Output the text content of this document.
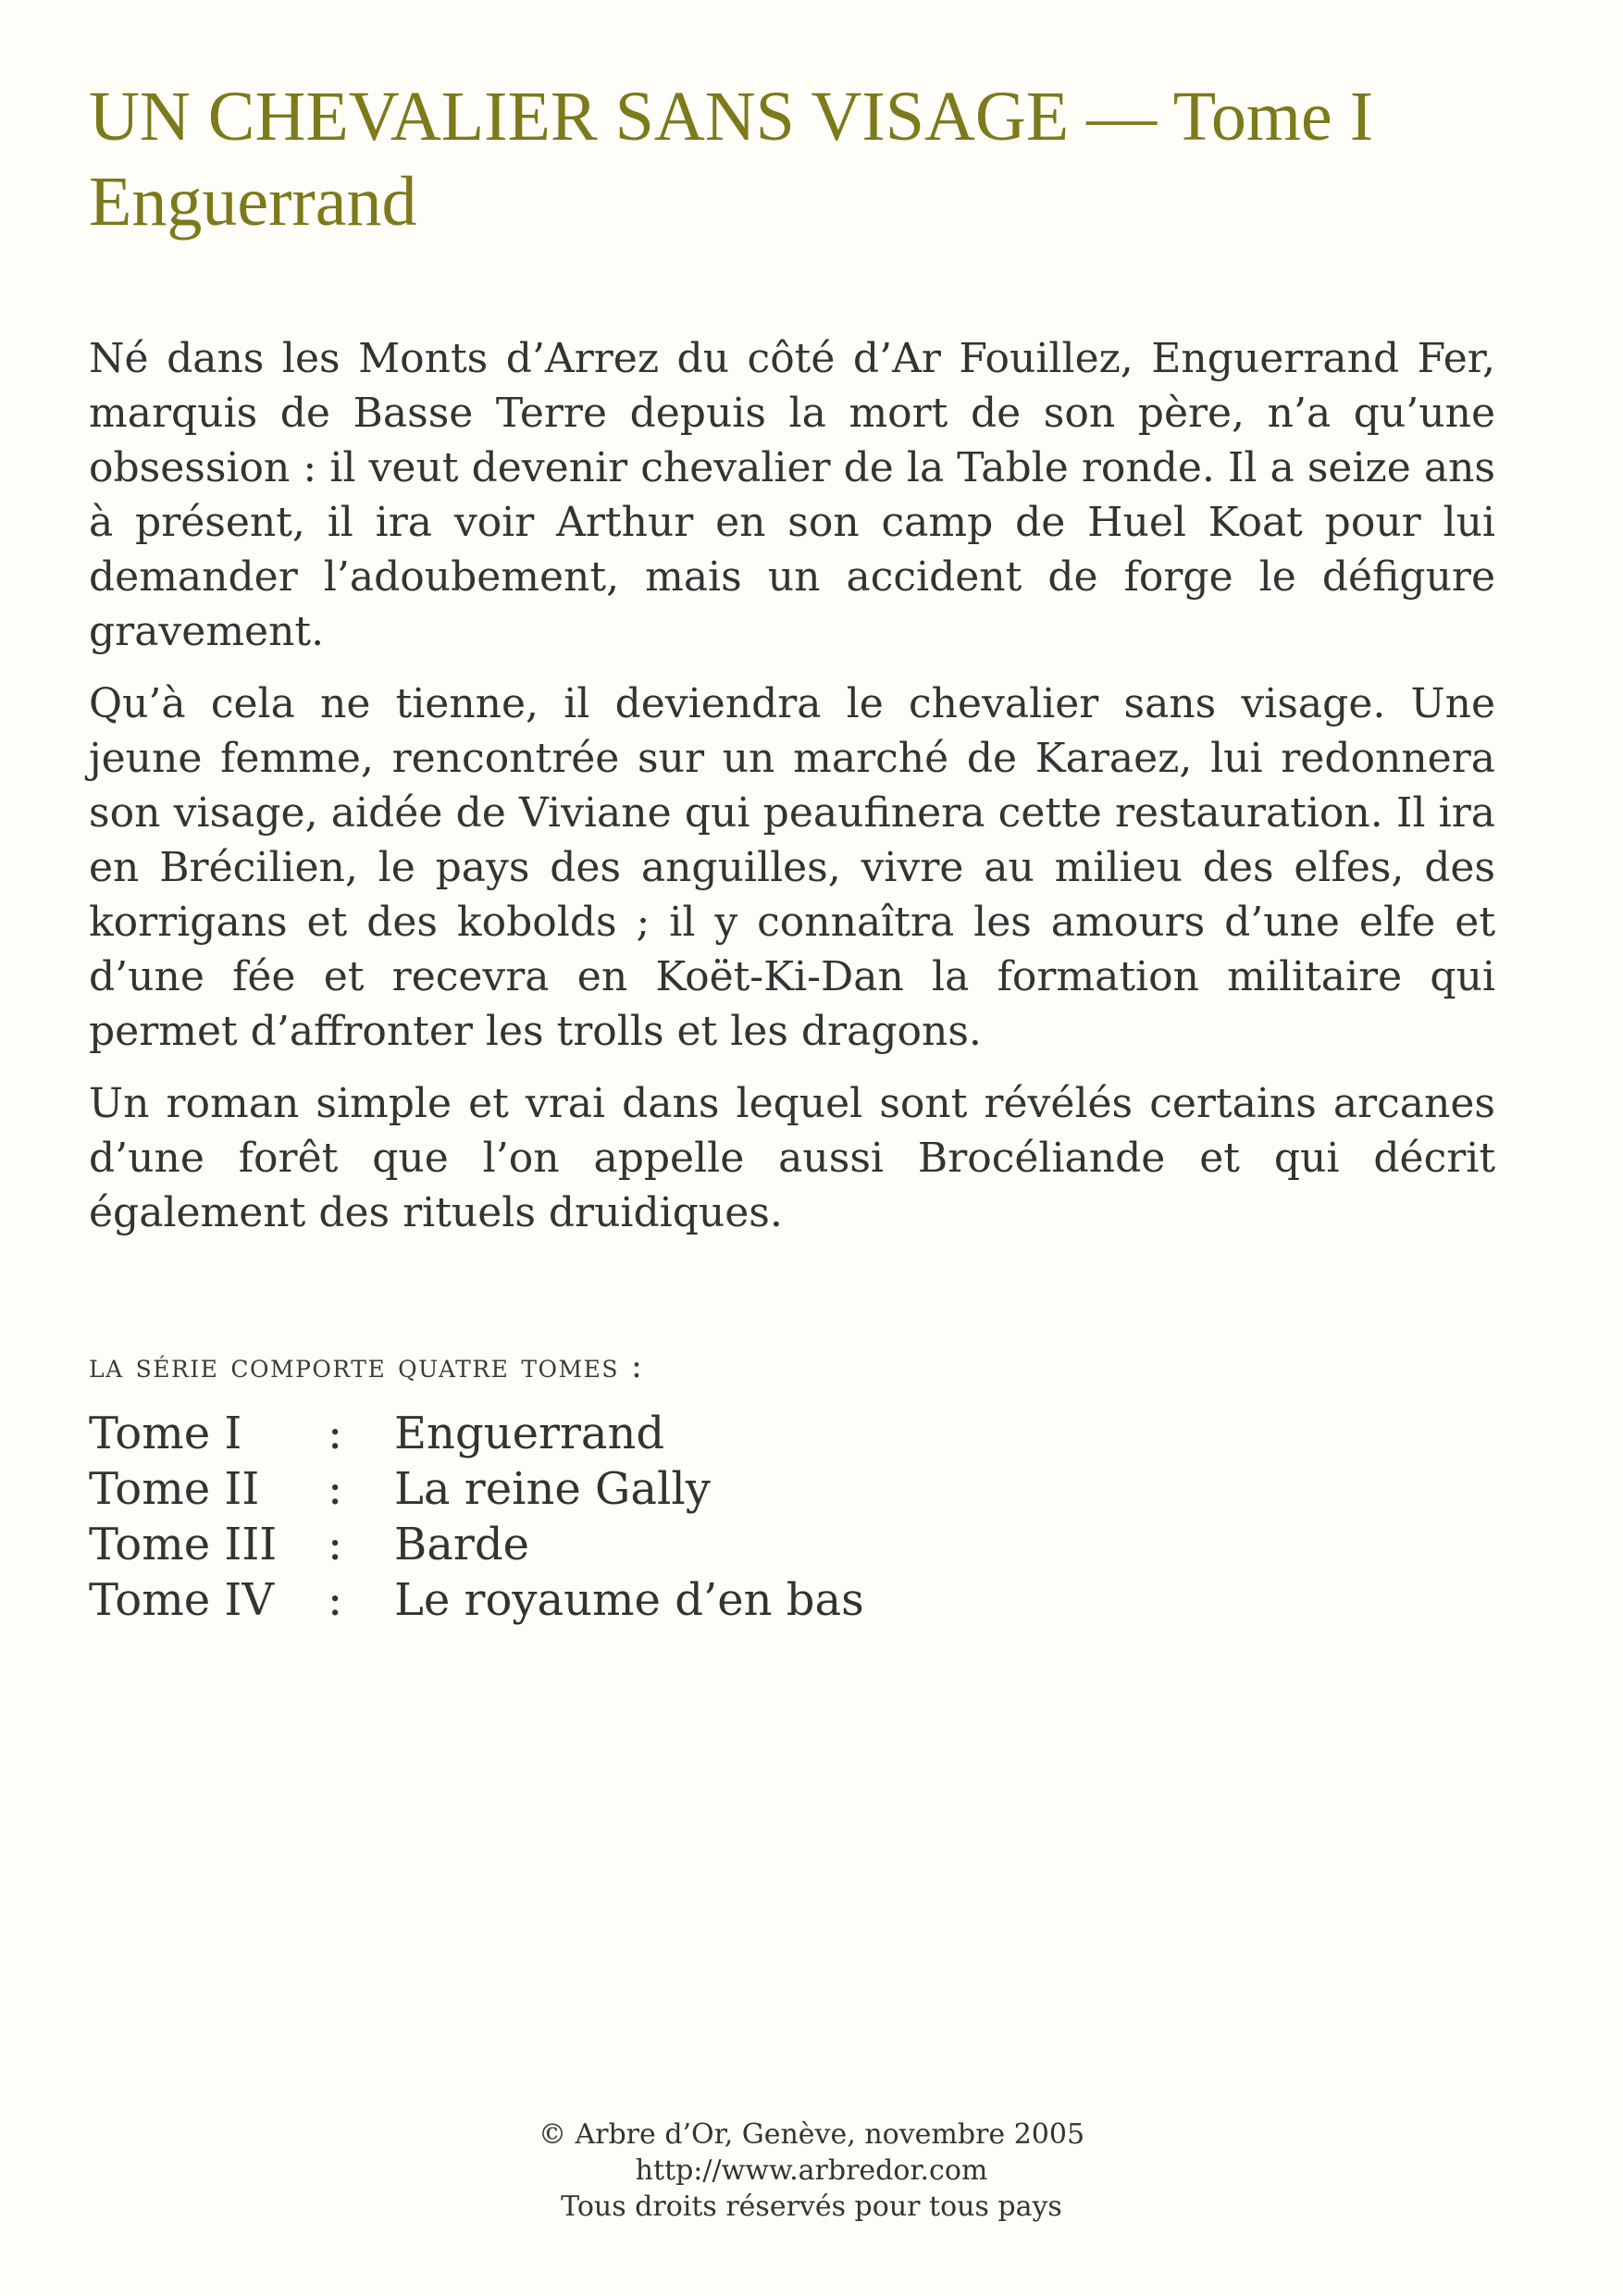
UN CHEVALIER SANS VISAGE — Tome I
Enguerrand

Né dans les Monts d’Arrez du côté d’Ar Fouillez, Enguerrand Fer, marquis de Basse Terre depuis la mort de son père, n’a qu’une obsession : il veut devenir chevalier de la Table ronde. Il a seize ans à présent, il ira voir Arthur en son camp de Huel Koat pour lui demander l’adoubement, mais un accident de forge le défigure gravement.

Qu’à cela ne tienne, il deviendra le chevalier sans visage. Une jeune femme, rencontrée sur un marché de Karaez, lui redonnera son visage, aidée de Viviane qui peaufinera cette restauration. Il ira en Brécilien, le pays des anguilles, vivre au milieu des elfes, des korrigans et des kobolds ; il y connaîtra les amours d’une elfe et d’une fée et recevra en Koët-Ki-Dan la formation militaire qui permet d’affronter les trolls et les dragons.

Un roman simple et vrai dans lequel sont révélés certains arcanes d’une forêt que l’on appelle aussi Brocéliande et qui décrit également des rituels druidiques.

la série comporte quatre tomes :
Tome I	:	Enguerrand
Tome II	:	La reine Gally
Tome III	:	Barde
Tome IV	:	Le royaume d’en bas
© Arbre d’Or, Genève, novembre 2005
http://www.arbredor.com
Tous droits réservés pour tous pays
